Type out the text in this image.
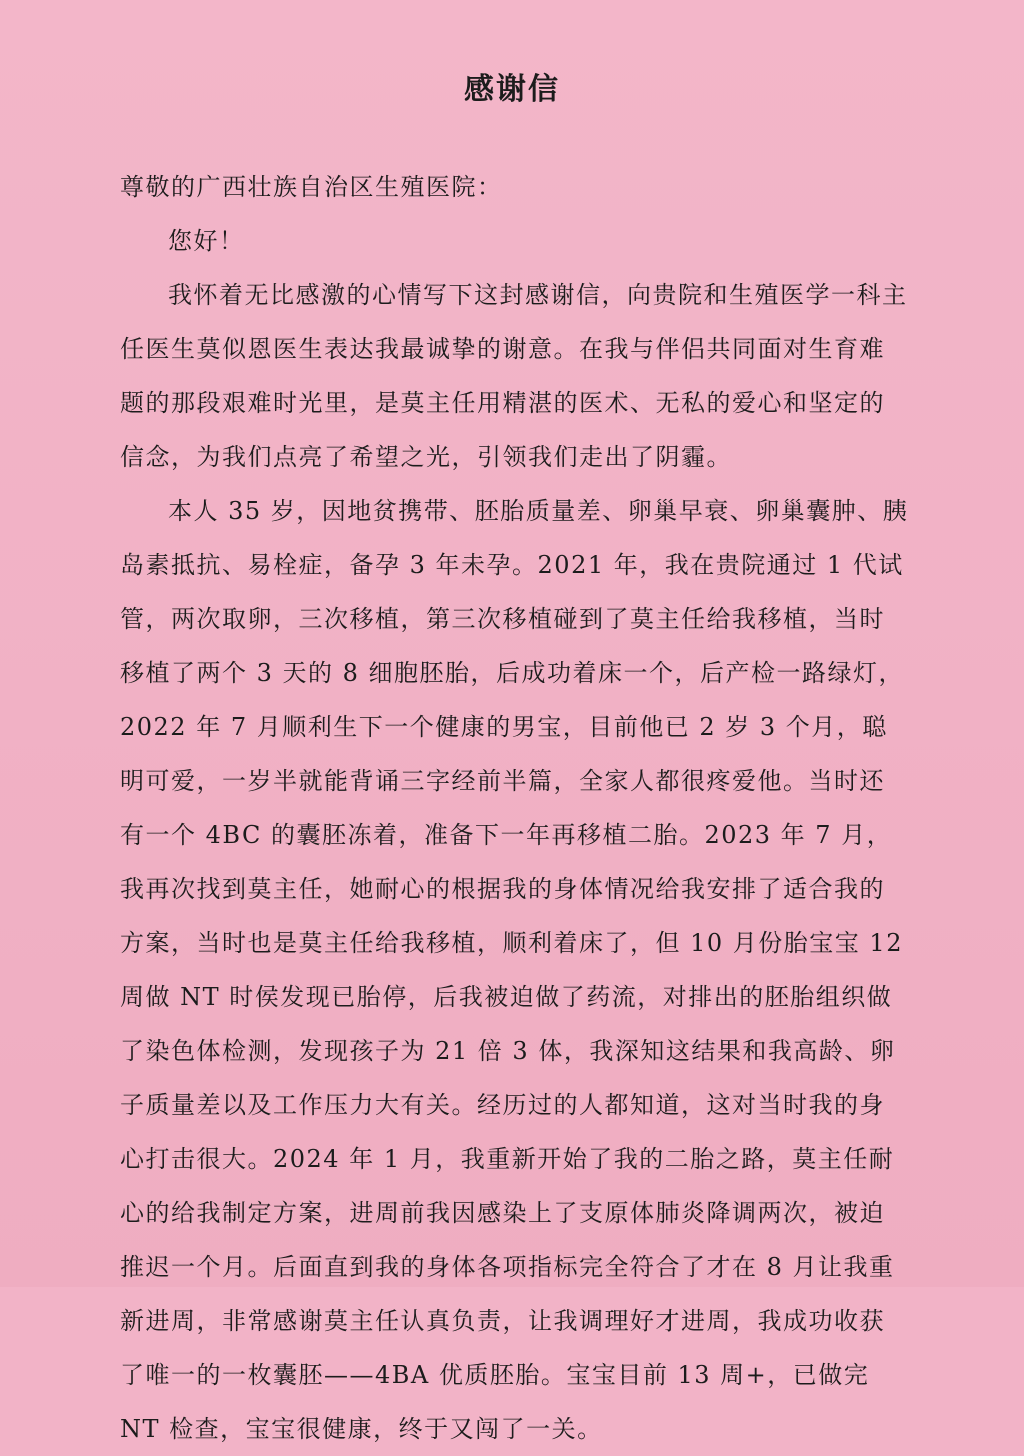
感谢信

尊敬的广西壮族自治区生殖医院：

您好！

我怀着无比感激的心情写下这封感谢信，向贵院和生殖医学一科主任医生莫似恩医生表达我最诚挚的谢意。在我与伴侣共同面对生育难题的那段艰难时光里，是莫主任用精湛的医术、无私的爱心和坚定的信念，为我们点亮了希望之光，引领我们走出了阴霾。

本人 35 岁，因地贫携带、胚胎质量差、卵巢早衰、卵巢囊肿、胰岛素抵抗、易栓症，备孕 3 年未孕。2021 年，我在贵院通过 1 代试管，两次取卵，三次移植，第三次移植碰到了莫主任给我移植，当时移植了两个 3 天的 8 细胞胚胎，后成功着床一个，后产检一路绿灯，2022 年 7 月顺利生下一个健康的男宝，目前他已 2 岁 3 个月，聪明可爱，一岁半就能背诵三字经前半篇，全家人都很疼爱他。当时还有一个 4BC 的囊胚冻着，准备下一年再移植二胎。2023 年 7 月，我再次找到莫主任，她耐心的根据我的身体情况给我安排了适合我的方案，当时也是莫主任给我移植，顺利着床了，但 10 月份胎宝宝 12 周做 NT 时侯发现已胎停，后我被迫做了药流，对排出的胚胎组织做了染色体检测，发现孩子为 21 倍 3 体，我深知这结果和我高龄、卵子质量差以及工作压力大有关。经历过的人都知道，这对当时我的身心打击很大。2024 年 1 月，我重新开始了我的二胎之路，莫主任耐心的给我制定方案，进周前我因感染上了支原体肺炎降调两次，被迫推迟一个月。后面直到我的身体各项指标完全符合了才在 8 月让我重新进周，非常感谢莫主任认真负责，让我调理好才进周，我成功收获了唯一的一枚囊胚——4BA 优质胚胎。宝宝目前 13 周+，已做完 NT 检查，宝宝很健康，终于又闯了一关。
